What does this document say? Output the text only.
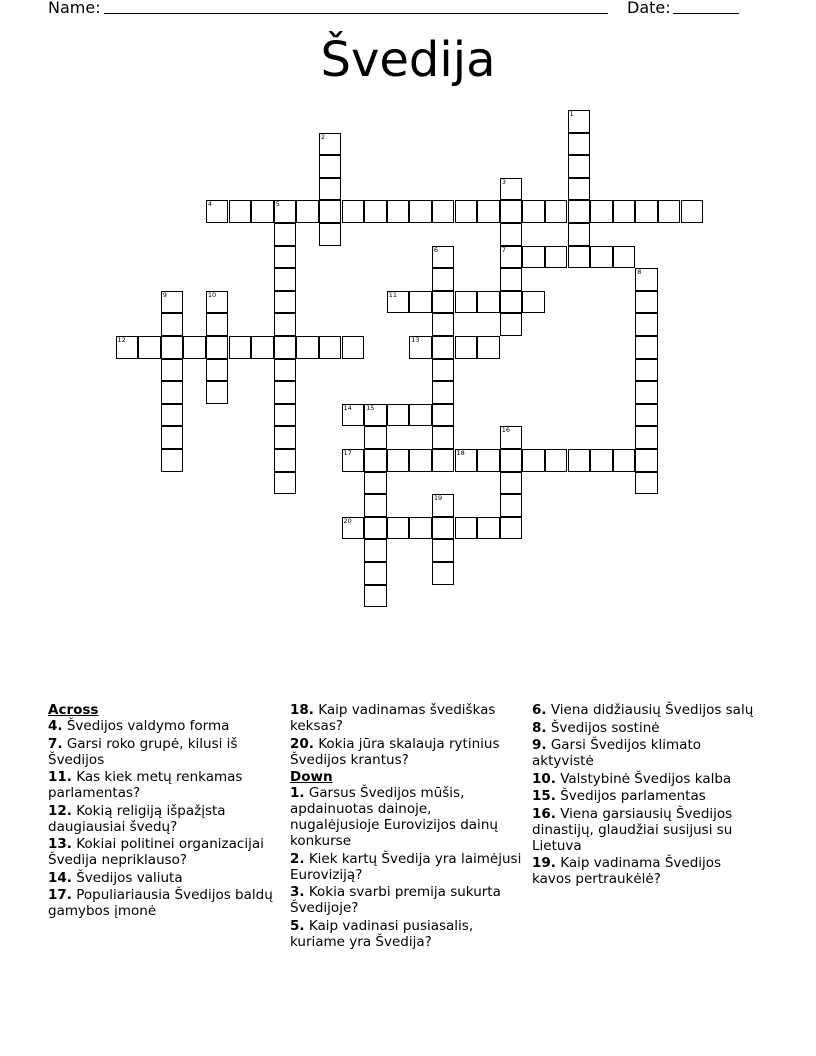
Name:	Date:
Švedija
1
2
3
7
4	5
6
8
9	10	11
12	13
14 15
16
17	18
19
20
Across
4. Švedijos valdymo forma
7. Garsi roko grupė, kilusi iš Švedijos
11. Kas kiek metų renkamas parlamentas?
12. Kokią religiją išpažįsta daugiausiai švedų?
13. Kokiai politinei organizacijai Švedija nepriklauso?
14. Švedijos valiuta
17. Populiariausia Švedijos baldų gamybos įmonė
18. Kaip vadinamas švediškas keksas?
20. Kokia jūra skalauja rytinius Švedijos krantus?
Down
1. Garsus Švedijos mūšis, apdainuotas dainoje, nugalėjusioje Eurovizijos dainų konkurse
2. Kiek kartų Švedija yra laimėjusi Euroviziją?
3. Kokia svarbi premija sukurta Švedijoje?
5. Kaip vadinasi pusiasalis, kuriame yra Švedija?
6. Viena didžiausių Švedijos salų
8. Švedijos sostinė
9. Garsi Švedijos klimato aktyvistė
10. Valstybinė Švedijos kalba
15. Švedijos parlamentas
16. Viena garsiausių Švedijos dinastijų, glaudžiai susijusi su Lietuva
19. Kaip vadinama Švedijos kavos pertraukėlė?
